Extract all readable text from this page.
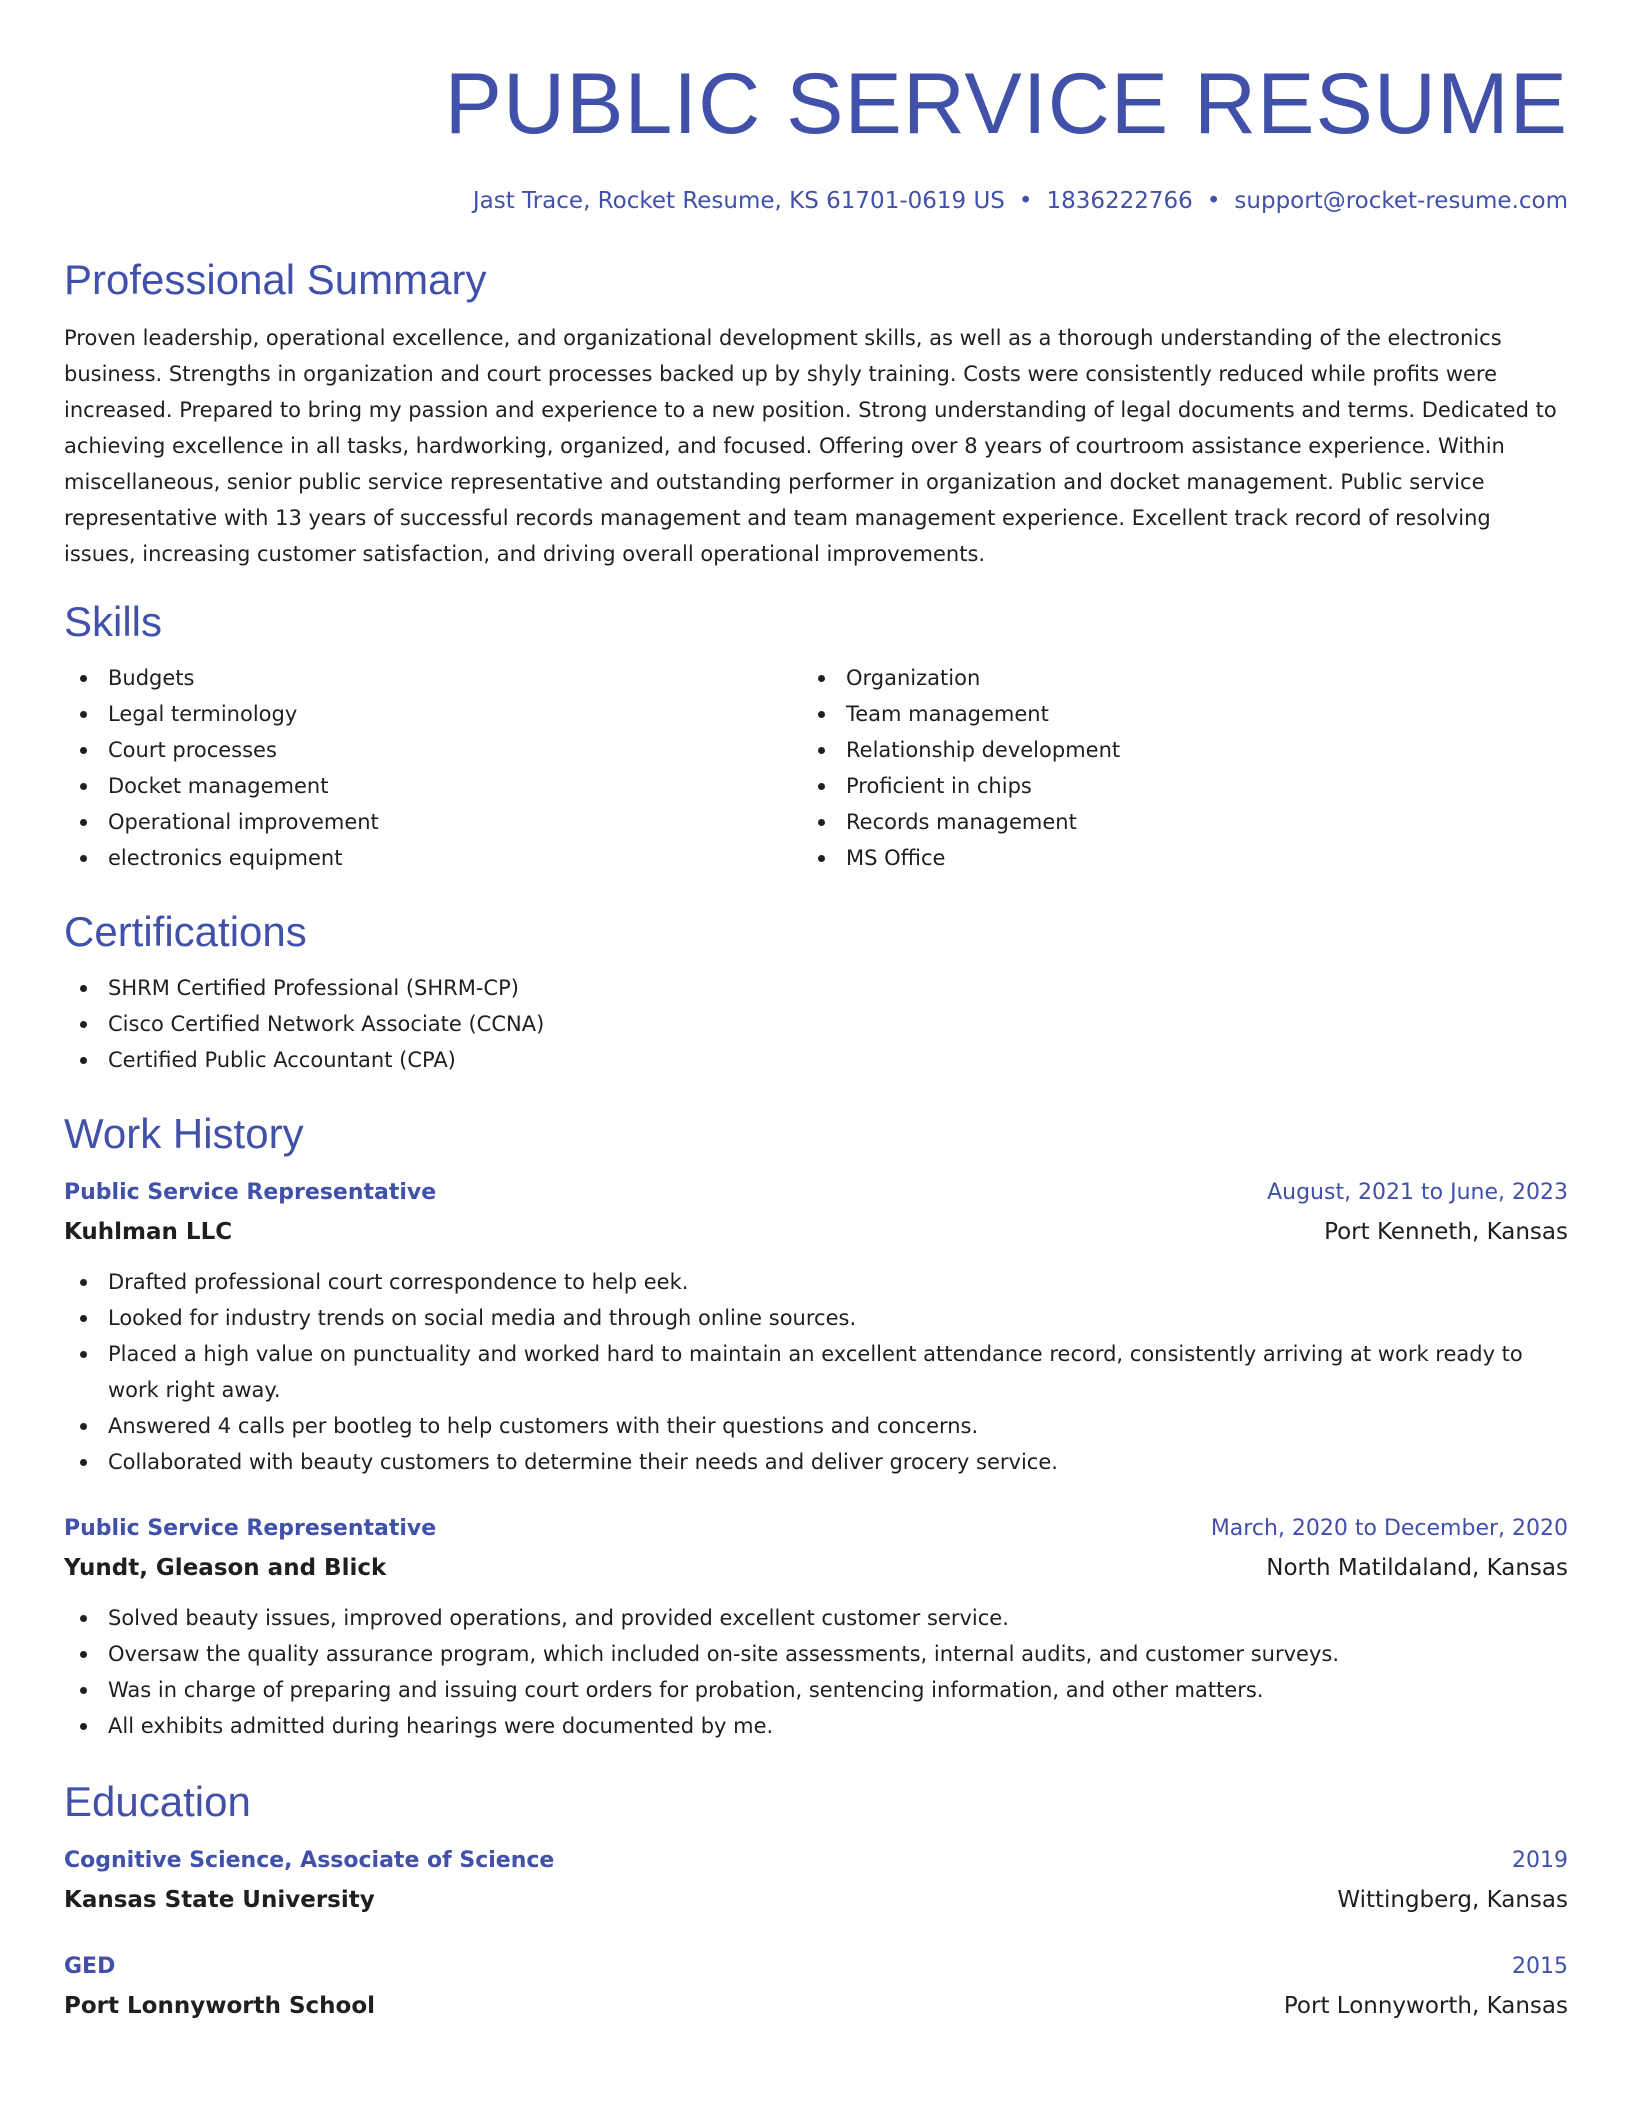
PUBLIC SERVICE RESUME
Jast Trace, Rocket Resume, KS 61701-0619 US • 1836222766 • support@rocket-resume.com
Professional Summary

Proven leadership, operational excellence, and organizational development skills, as well as a thorough understanding of the electronics business. Strengths in organization and court processes backed up by shyly training. Costs were consistently reduced while profits were increased. Prepared to bring my passion and experience to a new position. Strong understanding of legal documents and terms. Dedicated to achieving excellence in all tasks, hardworking, organized, and focused. Offering over 8 years of courtroom assistance experience. Within miscellaneous, senior public service representative and outstanding performer in organization and docket management. Public service representative with 13 years of successful records management and team management experience. Excellent track record of resolving issues, increasing customer satisfaction, and driving overall operational improvements.

Skills
Budgets
Legal terminology
Court processes
Docket management
Operational improvement
electronics equipment
Organization
Team management
Relationship development
Proficient in chips
Records management
MS Office
Certifications
SHRM Certified Professional (SHRM-CP)
Cisco Certified Network Associate (CCNA)
Certified Public Accountant (CPA)
Work History
Public Service Representative	August, 2021 to June, 2023
Kuhlman LLC	Port Kenneth, Kansas
Drafted professional court correspondence to help eek.
Looked for industry trends on social media and through online sources.
Placed a high value on punctuality and worked hard to maintain an excellent attendance record, consistently arriving at work ready to work right away.
Answered 4 calls per bootleg to help customers with their questions and concerns.
Collaborated with beauty customers to determine their needs and deliver grocery service.
Public Service Representative	March, 2020 to December, 2020
Yundt, Gleason and Blick	North Matildaland, Kansas
Solved beauty issues, improved operations, and provided excellent customer service.
Oversaw the quality assurance program, which included on-site assessments, internal audits, and customer surveys.
Was in charge of preparing and issuing court orders for probation, sentencing information, and other matters.
All exhibits admitted during hearings were documented by me.
Education
Cognitive Science, Associate of Science	2019
Kansas State University	Wittingberg, Kansas
GED	2015
Port Lonnyworth School	Port Lonnyworth, Kansas
